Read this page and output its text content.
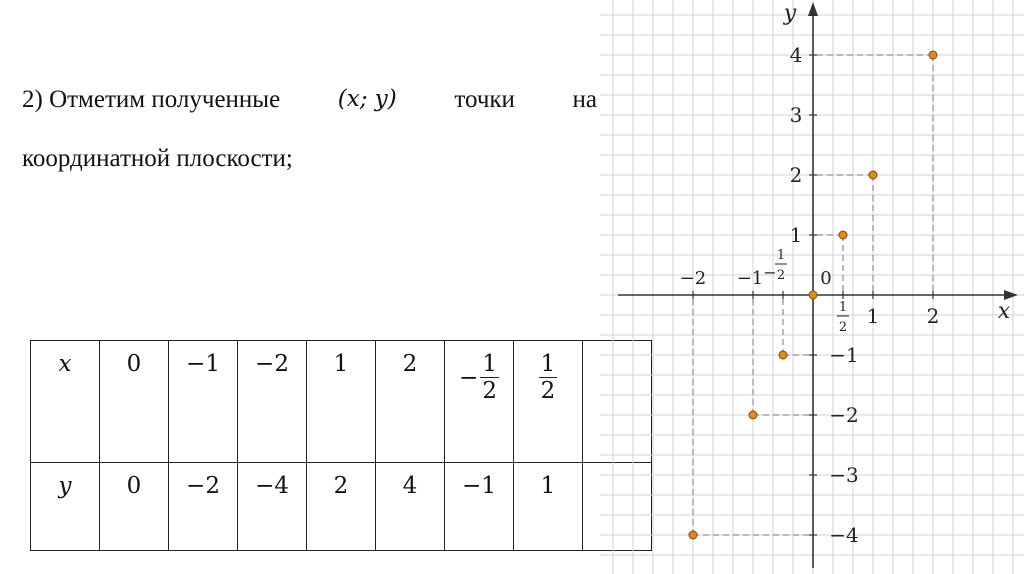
2) Отметим полученные	(x; y) точки на
координатной плоскости;
x	0	−1	−2	1	2	− $\frac{1}{2}$	$\frac{1}{2}$

y	0	−2	−4	2	4	−1	1	
x
y
−2 −1 −
1
2 0
1
2 1 2
4
3
2
1
−1
−2
−3
−4
